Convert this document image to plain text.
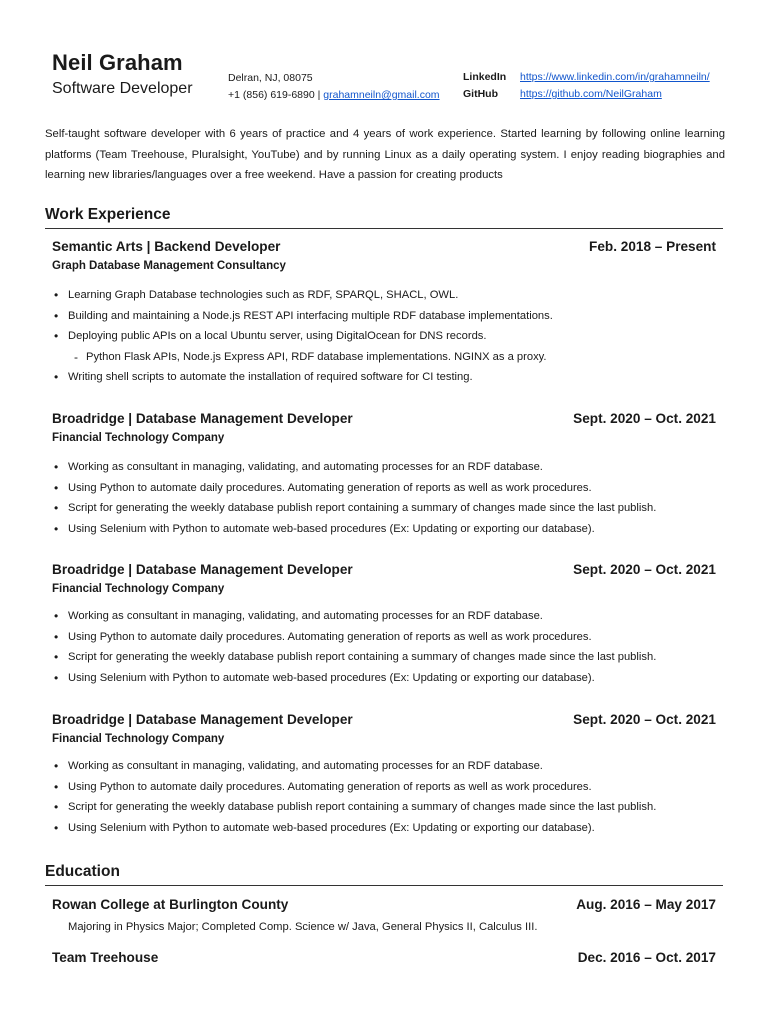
Neil Graham
Software Developer
Delran, NJ, 08075
+1 (856) 619-6890 | grahamneiln@gmail.com
LinkedIn	https://www.linkedin.com/in/grahamneiln/
GitHub	https://github.com/NeilGraham
Self-taught software developer with 6 years of practice and 4 years of work experience. Started learning by following online learning platforms (Team Treehouse, Pluralsight, YouTube) and by running Linux as a daily operating system. I enjoy reading biographies and learning new libraries/languages over a free weekend. Have a passion for creating products
Work Experience
Semantic Arts | Backend Developer	Feb. 2018 – Present
Graph Database Management Consultancy
• Learning Graph Database technologies such as RDF, SPARQL, SHACL, OWL.
• Building and maintaining a Node.js REST API interfacing multiple RDF database implementations.
• Deploying public APIs on a local Ubuntu server, using DigitalOcean for DNS records.
- Python Flask APIs, Node.js Express API, RDF database implementations. NGINX as a proxy.
• Writing shell scripts to automate the installation of required software for CI testing.
Broadridge | Database Management Developer	Sept. 2020 – Oct. 2021
Financial Technology Company
• Working as consultant in managing, validating, and automating processes for an RDF database.
• Using Python to automate daily procedures. Automating generation of reports as well as work procedures.
• Script for generating the weekly database publish report containing a summary of changes made since the last publish.
• Using Selenium with Python to automate web-based procedures (Ex: Updating or exporting our database).
Broadridge | Database Management Developer	Sept. 2020 – Oct. 2021
Financial Technology Company
• Working as consultant in managing, validating, and automating processes for an RDF database.
• Using Python to automate daily procedures. Automating generation of reports as well as work procedures.
• Script for generating the weekly database publish report containing a summary of changes made since the last publish.
• Using Selenium with Python to automate web-based procedures (Ex: Updating or exporting our database).
Broadridge | Database Management Developer	Sept. 2020 – Oct. 2021
Financial Technology Company
• Working as consultant in managing, validating, and automating processes for an RDF database.
• Using Python to automate daily procedures. Automating generation of reports as well as work procedures.
• Script for generating the weekly database publish report containing a summary of changes made since the last publish.
• Using Selenium with Python to automate web-based procedures (Ex: Updating or exporting our database).
Education
Rowan College at Burlington County	Aug. 2016 – May 2017
Majoring in Physics Major; Completed Comp. Science w/ Java, General Physics II, Calculus III.
Team Treehouse	Dec. 2016 – Oct. 2017
